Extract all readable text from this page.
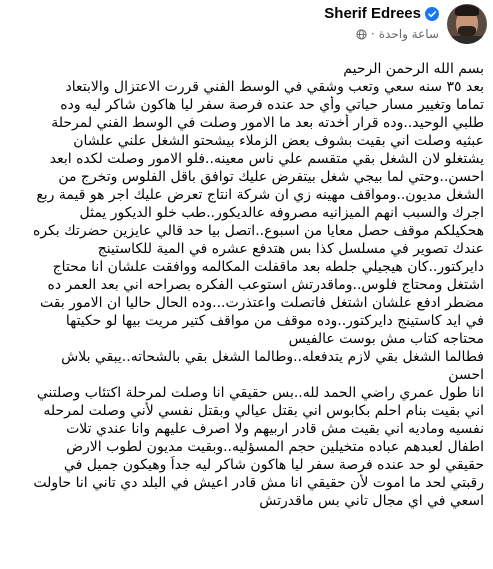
Sherif Edrees
ساعة واحدة
·
بسم الله الرحمن الرحيم
بعد ٣٥ سنه سعي وتعب وشقي في الوسط الفني قررت الاعتزال والابتعاد
تماما وتغيير مسار حياتي وأي حد عنده فرصة سفر ليا هاكون شاكر ليه وده
طلبي الوحيد..وده قرار أخدته بعد ما الامور وصلت في الوسط الفني لمرحلة
عبثيه وصلت اني بقيت بشوف بعض الزملاء بيشحتو الشغل علني علشان
يشتغلو لان الشغل بقي متقسم علي ناس معينه..فلو الامور وصلت لكده ابعد
احسن..وحتي لما بيجي شغل بيتفرض عليك توافق باقل الفلوس وتخرج من
الشغل مديون..ومواقف مهينه زي ان شركة انتاج تعرض عليك اجر هو قيمة ربع
اجرك والسبب انهم الميزانيه مصروفه عالديكور..طب خلو الديكور يمثل
هحكيلكم موقف حصل معايا من اسبوع..اتصل بيا حد قالي عايزين حضرتك بكره
عندك تصوير في مسلسل كذا بس هتدفع عشره في المية للكاستينج
دايركتور..كان هيجيلي جلطه بعد ماقفلت المكالمه ووافقت علشان انا محتاج
اشتغل ومحتاج فلوس..وماقدرتش استوعب الفكره بصراحه اني بعد العمر ده
مضطر ادفع علشان اشتغل فاتصلت واعتذرت...وده الحال حاليا ان الامور بقت
في ايد كاستينج دايركتور..وده موقف من مواقف كتير مريت بيها لو حكيتها
محتاجه كتاب مش بوست عالفيس
فطالما الشغل بقي لازم يتدفعله..وطالما الشغل بقي بالشحاته..يبقي بلاش
احسن
انا طول عمري راضي الحمد لله..بس حقيقي انا وصلت لمرحلة اكتئاب وصلتني
اني بقيت بنام احلم بكابوس اني بقتل عيالي وبقتل نفسي لأني وصلت لمرحله
نفسيه وماديه اني بقيت مش قادر اربيهم ولا اصرف عليهم وانا عندي تلات
اطفال لعبدهم عباده متخيلين حجم المسؤليه..وبقيت مديون لطوب الارض
حقيقي لو حد عنده فرصة سفر ليا هاكون شاكر ليه جداً وهيكون جميل في
رقبتي لحد ما اموت لأن حقيقي انا مش قادر اعيش في البلد دي تاني انا حاولت
اسعي في اي مجال تاني بس ماقدرتش
